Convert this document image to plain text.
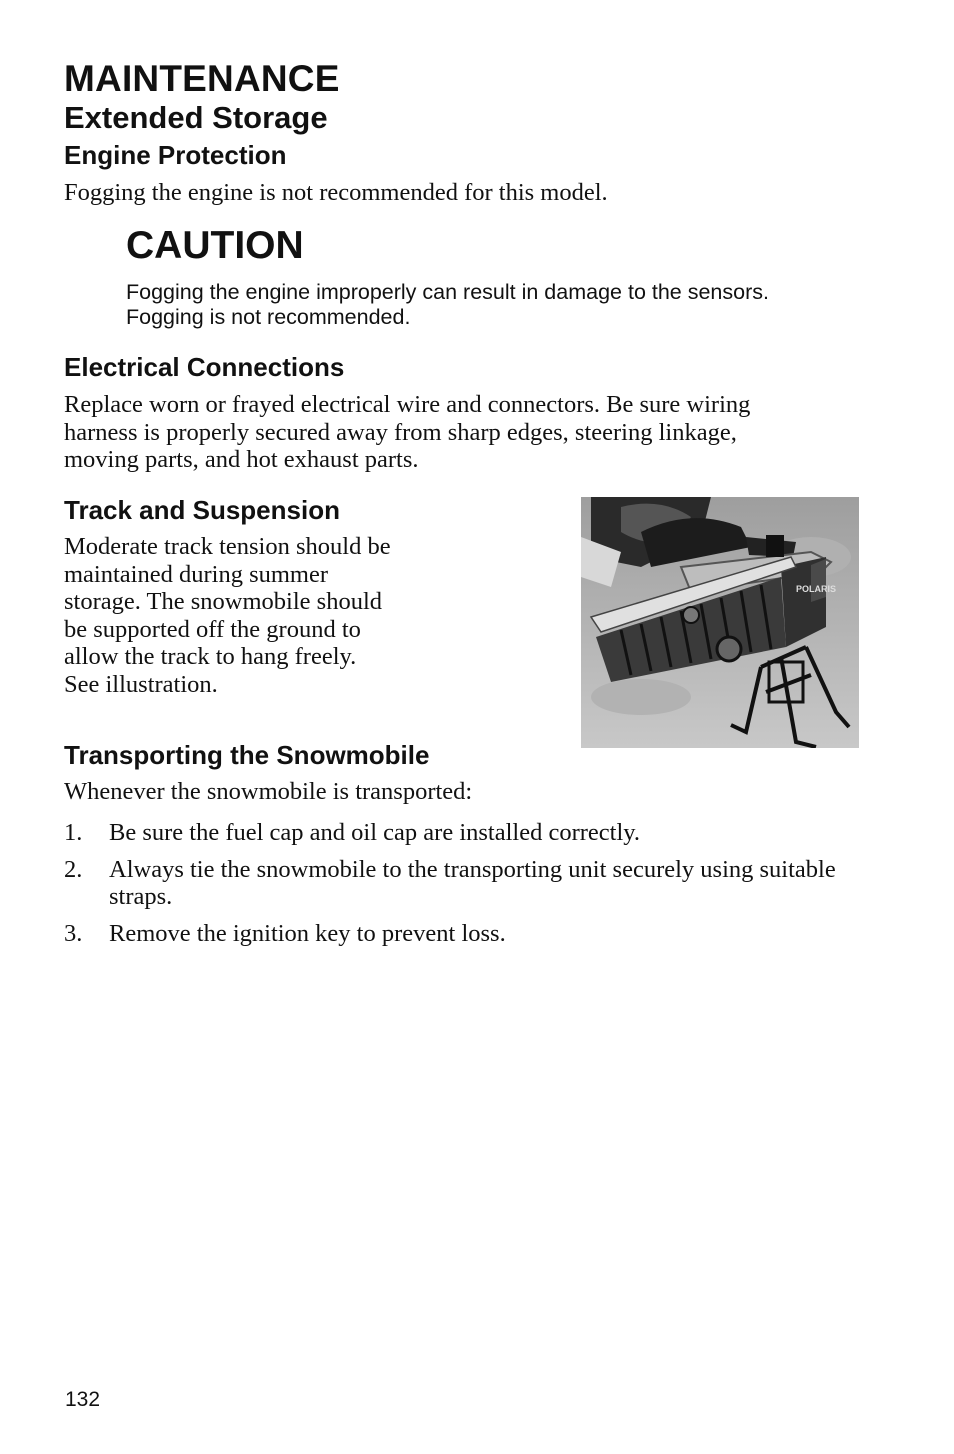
MAINTENANCE
Extended Storage
Engine Protection
Fogging the engine is not recommended for this model.
CAUTION
Fogging the engine improperly can result in damage to the sensors. Fogging is not recommended.
Electrical Connections
Replace worn or frayed electrical wire and connectors. Be sure wiring
harness is properly secured away from sharp edges, steering linkage,
moving parts, and hot exhaust parts.
Track and Suspension
Moderate track tension should be
maintained during summer
storage. The snowmobile should
be supported off the ground to
allow the track to hang freely.
See illustration.
POLARIS
Transporting the Snowmobile
Whenever the snowmobile is transported:
1. Be sure the fuel cap and oil cap are installed correctly.
2. Always tie the snowmobile to the transporting unit securely using suitable straps.
3. Remove the ignition key to prevent loss.
132
